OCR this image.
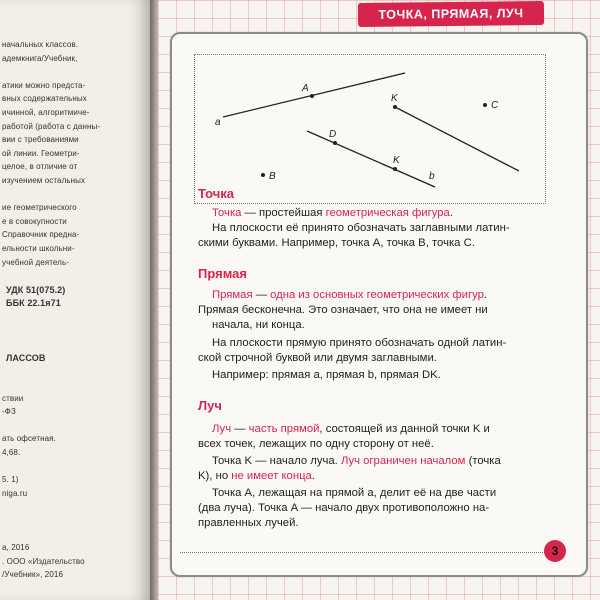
начальных классов.
адемкнига/Учебник,
атики можно предста-
вных содержательных
ичинной, алгоритмиче-
работой (работа с данны-
вии с требованиями
ой линии. Геометри-
целое, в отличие от
изучением остальных
ие геометрического
е в совокупности
Справочник предна-
ельности школьни-
учебной деятель-
УДК 51(075.2)
ББК 22.1я71
ЛАССОВ
ствии
-ФЗ
ать офсетная.
4,68.
5. 1)
niga.ru
а, 2016
. ООО «Издательство
/Учебник», 2016
ТОЧКА, ПРЯМАЯ, ЛУЧ
a
A
K
C
D
K
b
B
Точка
Точка — простейшая геометрическая фигура.
На плоскости её принято обозначать заглавными латин-
скими буквами. Например, точка A, точка B, точка C.
Прямая
Прямая — одна из основных геометрических фигур.
Прямая бесконечна. Это означает, что она не имеет ни
начала, ни конца.
На плоскости прямую принято обозначать одной латин-
ской строчной буквой или двумя заглавными.
Например: прямая a, прямая b, прямая DK.
Луч
Луч — часть прямой, состоящей из данной точки K и
всех точек, лежащих по одну сторону от неё.
Точка K — начало луча. Луч ограничен началом (точка
K), но не имеет конца.
Точка A, лежащая на прямой a, делит её на две части
(два луча). Точка A — начало двух противоположно на-
правленных лучей.
3
